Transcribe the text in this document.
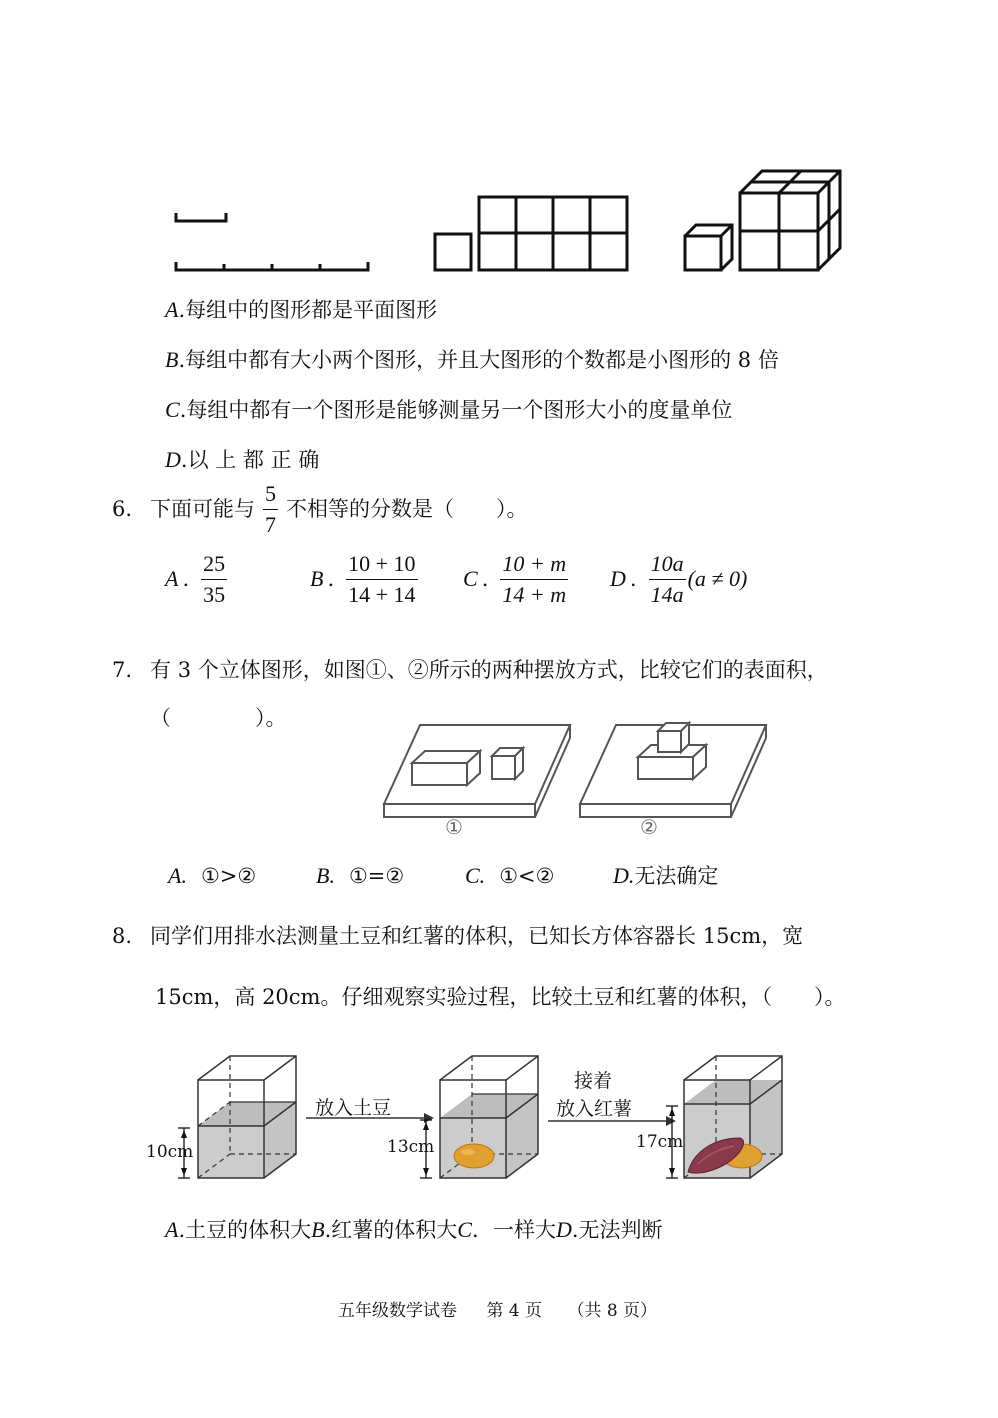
A.每组中的图形都是平面图形
B.每组中都有大小两个图形，并且大图形的个数都是小图形的 8 倍
C.每组中都有一个图形是能够测量另一个图形大小的度量单位
D.以 上 都 正 确
6. 下面可能与 $\frac{5}{7}$ 不相等的分数是（　　）。
A . $\frac{25}{35}$	B . $\frac{10 + 10}{14 + 14}$ C . $\frac{10 + m}{14 + m}$ D . $\frac{10a}{14a} (a \ne 0)$
7. 有 3 个立体图形，如图①、②所示的两种摆放方式，比较它们的表面积，
（　　　　）。
①	②
A. ①>②	B. ①=②	C. ①<②	D.无法确定
8. 同学们用排水法测量土豆和红薯的体积，已知长方体容器长 15cm，宽
15cm，高 20cm。仔细观察实验过程，比较土豆和红薯的体积，（　　）。
10cm
放入土豆
13cm
接着
放入红薯
17cm
A.土豆的体积大B.红薯的体积大C．一样大D.无法判断
五年级数学试卷 第 4 页 （共 8 页）
